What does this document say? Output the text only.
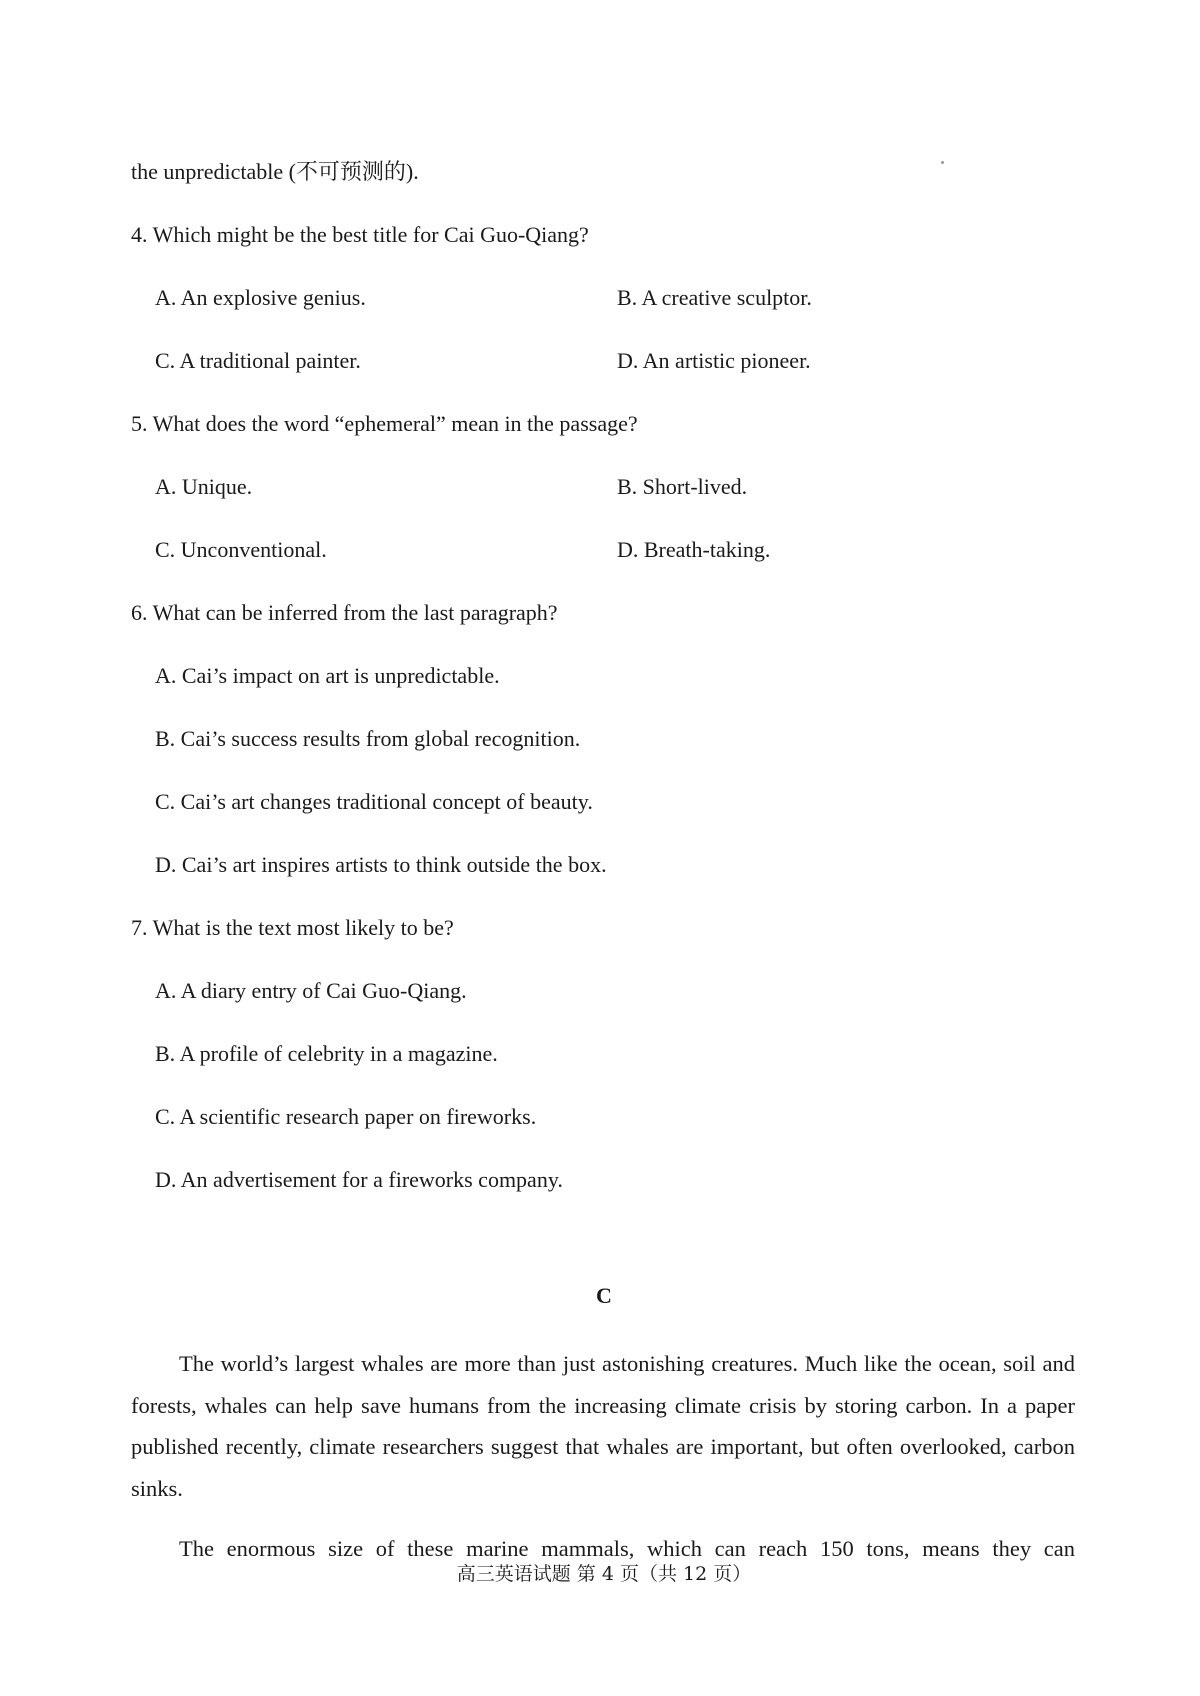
the unpredictable (不可预测的).
4. Which might be the best title for Cai Guo-Qiang?
A. An explosive genius.	B. A creative sculptor.
C. A traditional painter.	D. An artistic pioneer.
5. What does the word “ephemeral” mean in the passage?
A. Unique.	B. Short-lived.
C. Unconventional.	D. Breath-taking.
6. What can be inferred from the last paragraph?
A. Cai’s impact on art is unpredictable.
B. Cai’s success results from global recognition.
C. Cai’s art changes traditional concept of beauty.
D. Cai’s art inspires artists to think outside the box.
7. What is the text most likely to be?
A. A diary entry of Cai Guo-Qiang.
B. A profile of celebrity in a magazine.
C. A scientific research paper on fireworks.
D. An advertisement for a fireworks company.
C
The world’s largest whales are more than just astonishing creatures. Much like the ocean, soil and forests, whales can help save humans from the increasing climate crisis by storing carbon. In a paper published recently, climate researchers suggest that whales are important, but often overlooked, carbon sinks.
The enormous size of these marine mammals, which can reach 150 tons, means they can
高三英语试题 第 4 页（共 12 页）
